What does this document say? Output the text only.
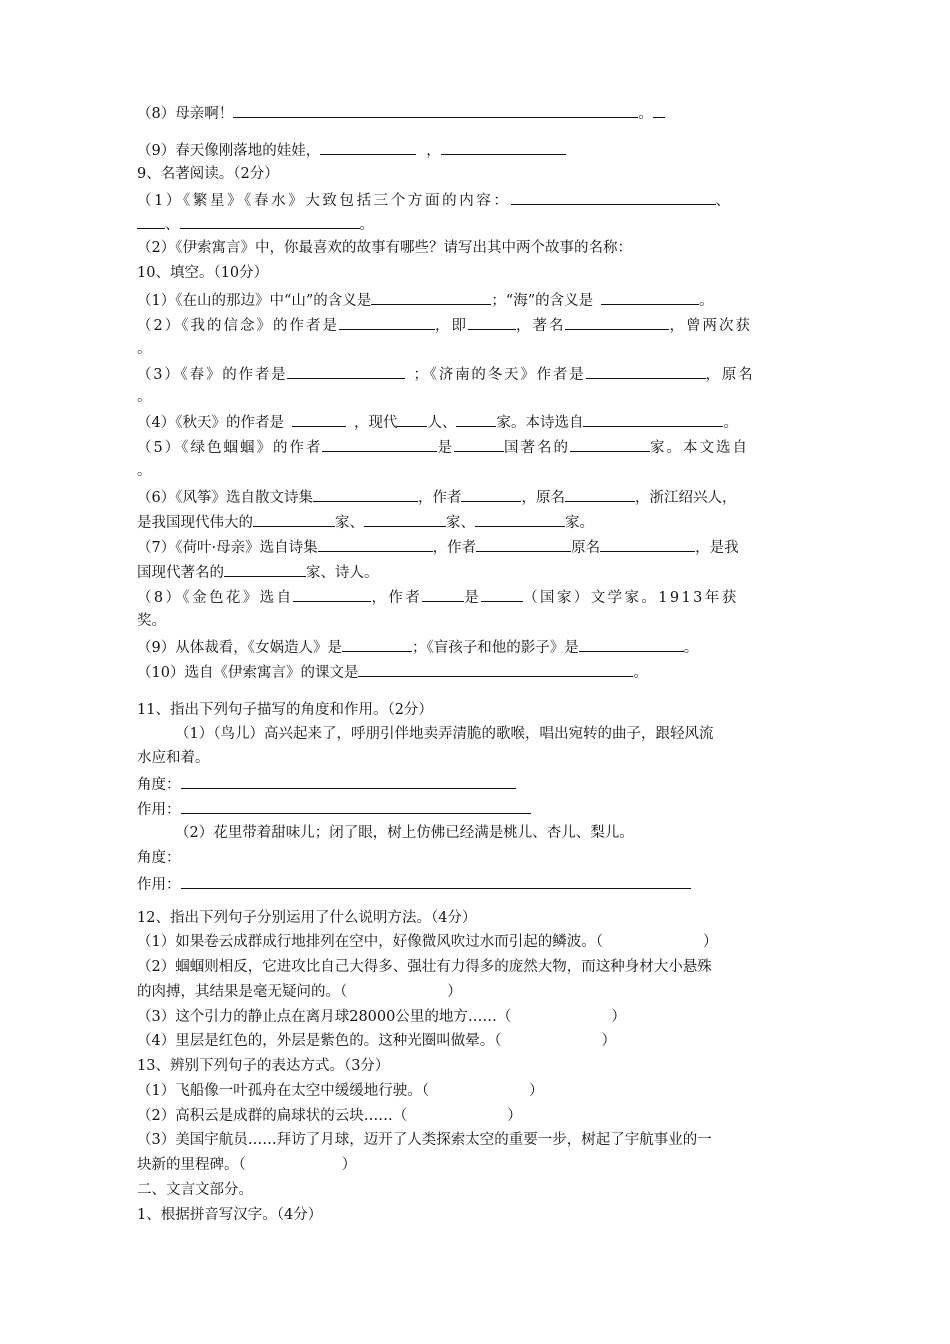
（8）母亲啊！	。
（9）春天像刚落地的娃娃，	，
9、名著阅读。（2分）
（1）《繁星》《春水》大致包括三个方面的内容：	、
、	。
（2）《伊索寓言》中，你最喜欢的故事有哪些？请写出其中两个故事的名称：
10、填空。（10分）
（1）《在山的那边》中“山”的含义是	；“海”的含义是	。
（2）《我的信念》的作者是	，即	，著名	，曾两次获
。
（3）《春》的作者是	；《济南的冬天》作者是	，原名
。
（4）《秋天》的作者是	，现代 人、	家。本诗选自	。
（5）《绿色蝈蝈》的作者	是	国著名的	家。本文选自
。
（6）《风筝》选自散文诗集	，作者	，原名	，浙江绍兴人，
是我国现代伟大的	家、	家、	家。
（7）《荷叶·母亲》选自诗集	，作者	原名	，是我
国现代著名的	家、诗人。
（8）《金色花》选自	，作者	是	（国家）文学家。1913年获
奖。
（9）从体裁看，《女娲造人》是	；《盲孩子和他的影子》是	。
（10）选自《伊索寓言》的课文是	。
11、指出下列句子描写的角度和作用。（2分）
（1）（鸟儿）高兴起来了，呼朋引伴地卖弄清脆的歌喉，唱出宛转的曲子，跟轻风流
水应和着。
角度：
作用：
（2）花里带着甜味儿；闭了眼，树上仿佛已经满是桃儿、杏儿、梨儿。
角度：
作用：
12、指出下列句子分别运用了什么说明方法。（4分）
（1）如果卷云成群成行地排列在空中，好像微风吹过水而引起的鳞波。（	）
（2）蝈蝈则相反，它进攻比自己大得多、强壮有力得多的庞然大物，而这种身材大小悬殊
的肉搏，其结果是毫无疑问的。（	）
（3）这个引力的静止点在离月球28000公里的地方……（	）
（4）里层是红色的，外层是紫色的。这种光圈叫做晕。（	）
13、辨别下列句子的表达方式。（3分）
（1）飞船像一叶孤舟在太空中缓缓地行驶。（	）
（2）高积云是成群的扁球状的云块……（	）
（3）美国宇航员……拜访了月球，迈开了人类探索太空的重要一步，树起了宇航事业的一
块新的里程碑。（	）
二、文言文部分。
1、根据拼音写汉字。（4分）
